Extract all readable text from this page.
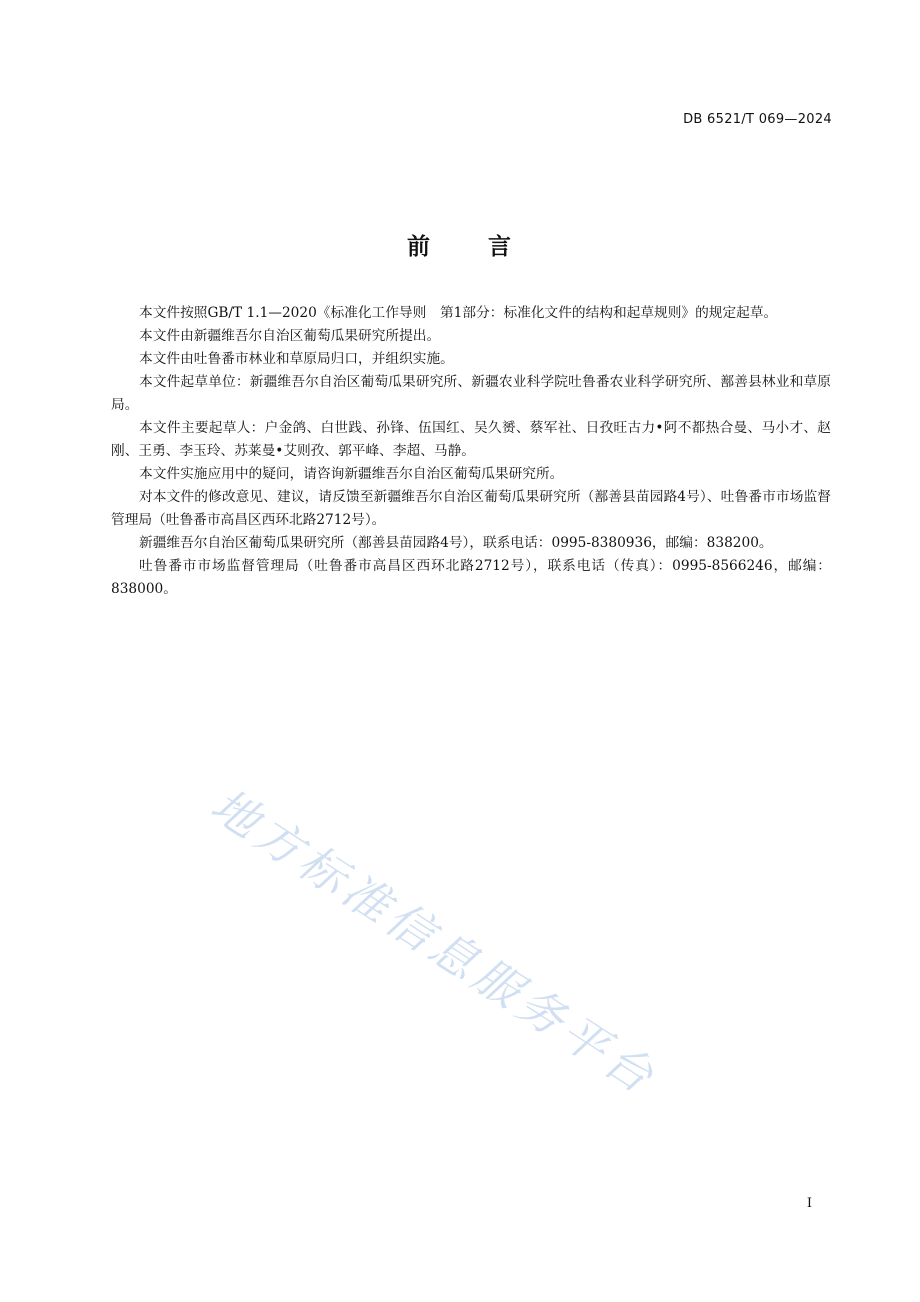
DB 6521/T 069—2024
前 言

本文件按照GB/T 1.1—2020《标准化工作导则　第1部分：标准化文件的结构和起草规则》的规定起草。

本文件由新疆维吾尔自治区葡萄瓜果研究所提出。

本文件由吐鲁番市林业和草原局归口，并组织实施。

本文件起草单位：新疆维吾尔自治区葡萄瓜果研究所、新疆农业科学院吐鲁番农业科学研究所、鄯善县林业和草原局。

本文件主要起草人：户金鸽、白世践、孙锋、伍国红、吴久赟、蔡军社、日孜旺古力•阿不都热合曼、马小才、赵刚、王勇、李玉玲、苏莱曼•艾则孜、郭平峰、李超、马静。

本文件实施应用中的疑问，请咨询新疆维吾尔自治区葡萄瓜果研究所。

对本文件的修改意见、建议，请反馈至新疆维吾尔自治区葡萄瓜果研究所（鄯善县苗园路4号）、吐鲁番市市场监督管理局（吐鲁番市高昌区西环北路2712号）。

新疆维吾尔自治区葡萄瓜果研究所（鄯善县苗园路4号），联系电话：0995-8380936，邮编：838200。

吐鲁番市市场监督管理局（吐鲁番市高昌区西环北路2712号），联系电话（传真）：0995-8566246，邮编：838000。

地方标准信息服务平台
I
